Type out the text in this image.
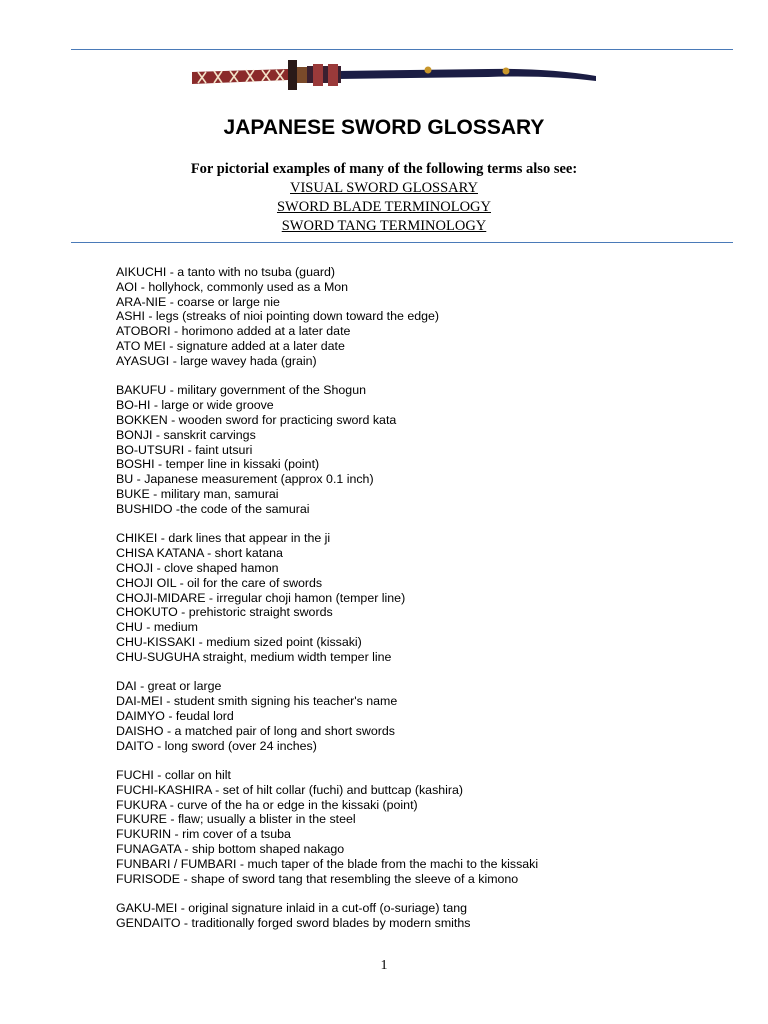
JAPANESE SWORD GLOSSARY
For pictorial examples of many of the following terms also see:
VISUAL SWORD GLOSSARY
SWORD BLADE TERMINOLOGY
SWORD TANG TERMINOLOGY
AIKUCHI - a tanto with no tsuba (guard)
AOI - hollyhock, commonly used as a Mon
ARA-NIE - coarse or large nie
ASHI - legs (streaks of nioi pointing down toward the edge)
ATOBORI - horimono added at a later date
ATO MEI - signature added at a later date
AYASUGI - large wavey hada (grain)
BAKUFU - military government of the Shogun
BO-HI - large or wide groove
BOKKEN - wooden sword for practicing sword kata
BONJI - sanskrit carvings
BO-UTSURI - faint utsuri
BOSHI - temper line in kissaki (point)
BU - Japanese measurement (approx 0.1 inch)
BUKE - military man, samurai
BUSHIDO -the code of the samurai
CHIKEI - dark lines that appear in the ji
CHISA KATANA - short katana
CHOJI - clove shaped hamon
CHOJI OIL - oil for the care of swords
CHOJI-MIDARE - irregular choji hamon (temper line)
CHOKUTO - prehistoric straight swords
CHU - medium
CHU-KISSAKI - medium sized point (kissaki)
CHU-SUGUHA straight, medium width temper line
DAI - great or large
DAI-MEI - student smith signing his teacher's name
DAIMYO - feudal lord
DAISHO - a matched pair of long and short swords
DAITO - long sword (over 24 inches)
FUCHI - collar on hilt
FUCHI-KASHIRA - set of hilt collar (fuchi) and buttcap (kashira)
FUKURA - curve of the ha or edge in the kissaki (point)
FUKURE - flaw; usually a blister in the steel
FUKURIN - rim cover of a tsuba
FUNAGATA - ship bottom shaped nakago
FUNBARI / FUMBARI - much taper of the blade from the machi to the kissaki
FURISODE - shape of sword tang that resembling the sleeve of a kimono
GAKU-MEI - original signature inlaid in a cut-off (o-suriage) tang
GENDAITO - traditionally forged sword blades by modern smiths
1
